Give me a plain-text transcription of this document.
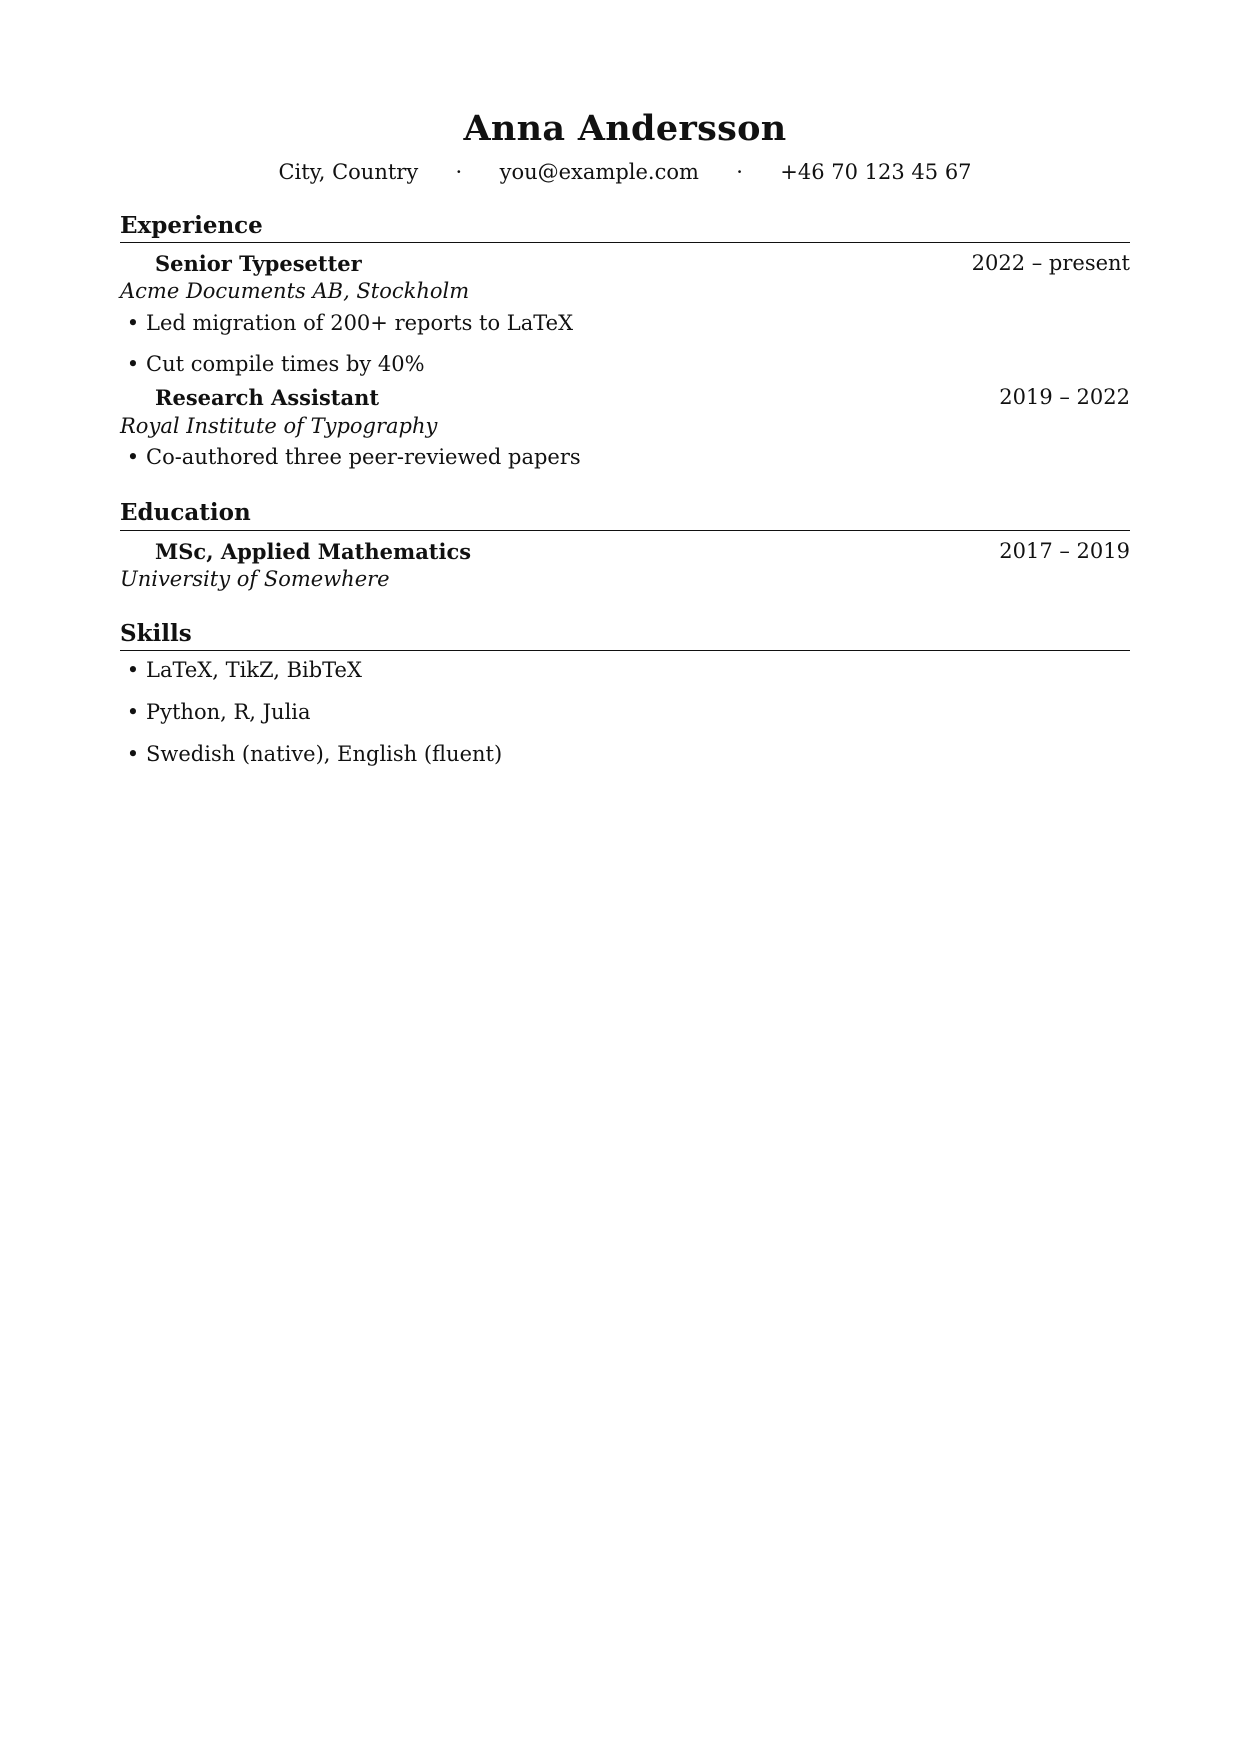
Anna Andersson
City, Country · you@example.com · +46 70 123 45 67
Experience
Senior Typesetter	2022 – present
Acme Documents AB, Stockholm
• Led migration of 200+ reports to LaTeX
• Cut compile times by 40%
Research Assistant	2019 – 2022
Royal Institute of Typography
• Co-authored three peer-reviewed papers
Education
MSc, Applied Mathematics	2017 – 2019
University of Somewhere
Skills
• LaTeX, TikZ, BibTeX
• Python, R, Julia
• Swedish (native), English (fluent)
